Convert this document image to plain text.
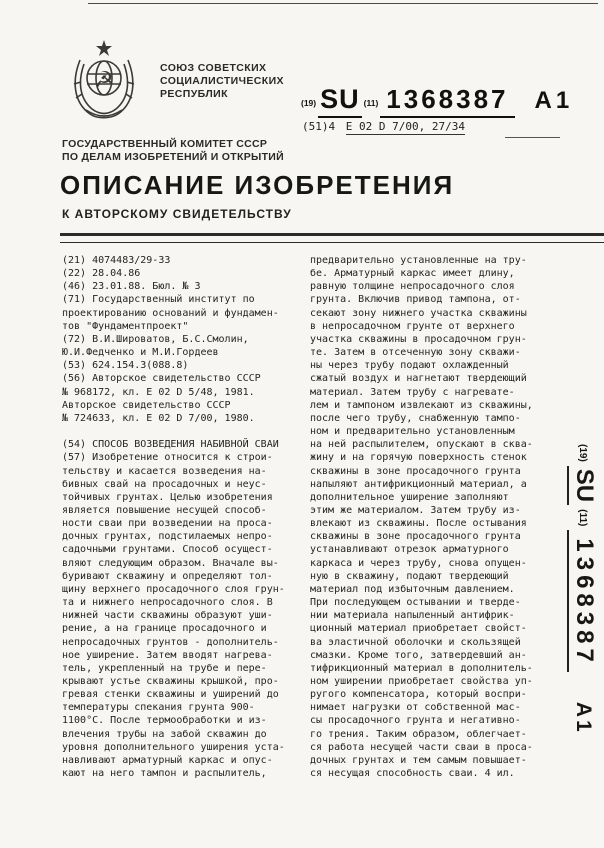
☭	СОЮЗ СОВЕТСКИХ
СОЦИАЛИСТИЧЕСКИХ
РЕСПУБЛИК
(19) SU (11) 1368387 A1
(51)4 E 02 D 7/00, 27/34
ГОСУДАРСТВЕННЫЙ КОМИТЕТ СССР
ПО ДЕЛАМ ИЗОБРЕТЕНИЙ И ОТКРЫТИЙ
ОПИСАНИЕ ИЗОБРЕТЕНИЯ
К АВТОРСКОМУ СВИДЕТЕЛЬСТВУ
(21) 4074483/29-33
(22) 28.04.86
(46) 23.01.88. Бюл. № 3
(71) Государственный институт по
проектированию оснований и фундамен-
тов "Фундаментпроект"
(72) В.И.Широватов, Б.С.Смолин,
Ю.И.Федченко и М.И.Гордеев
(53) 624.154.3(088.8)
(56) Авторское свидетельство СССР
№ 968172, кл. Е 02 D 5/48, 1981.
Авторское свидетельство СССР
№ 724633, кл. Е 02 D 7/00, 1980.

(54) СПОСОБ ВОЗВЕДЕНИЯ НАБИВНОЙ СВАИ
(57) Изобретение относится к строи-
тельству и касается возведения на-
бивных свай на просадочных и неус-
тойчивых грунтах. Целью изобретения
является повышение несущей способ-
ности сваи при возведении на проса-
дочных грунтах, подстилаемых непро-
садочными грунтами. Способ осущест-
вляют следующим образом. Вначале вы-
буривают скважину и определяют тол-
щину верхнего просадочного слоя грун-
та и нижнего непросадочного слоя. В
нижней части скважины образуют уши-
рение, а на границе просадочного и
непросадочных грунтов - дополнитель-
ное уширение. Затем вводят нагрева-
тель, укрепленный на трубе и пере-
крывают устье скважины крышкой, про-
гревая стенки скважины и уширений до
температуры спекания грунта 900-
1100°С. После термообработки и из-
влечения трубы на забой скважин до
уровня дополнительного уширения уста-
навливают арматурный каркас и опус-
кают на него тампон и распылитель,
предварительно установленные на тру-
бе. Арматурный каркас имеет длину,
равную толщине непросадочного слоя
грунта. Включив привод тампона, от-
секают зону нижнего участка скважины
в непросадочном грунте от верхнего
участка скважины в просадочном грун-
те. Затем в отсеченную зону скважи-
ны через трубу подают охлажденный
сжатый воздух и нагнетают твердеющий
материал. Затем трубу с нагревате-
лем и тампоном извлекают из скважины,
после чего трубу, снабженную тампо-
ном и предварительно установленным
на ней распылителем, опускают в сква-
жину и на горячую поверхность стенок
скважины в зоне просадочного грунта
напыляют антифрикционный материал, а
дополнительное уширение заполняют
этим же материалом. Затем трубу из-
влекают из скважины. После остывания
скважины в зоне просадочного грунта
устанавливают отрезок арматурного
каркаса и через трубу, снова опущен-
ную в скважину, подают твердеющий
материал под избыточным давлением.
При последующем остывании и тверде-
нии материала напыленный антифрик-
ционный материал приобретает свойст-
ва эластичной оболочки и скользящей
смазки. Кроме того, затвердевший ан-
тифрикционный материал в дополнитель-
ном уширении приобретает свойства уп-
ругого компенсатора, который воспри-
нимает нагрузки от собственной мас-
сы просадочного грунта и негативно-
го трения. Таким образом, облегчает-
ся работа несущей части сваи в проса-
дочных грунтах и тем самым повышает-
ся несущая способность сваи. 4 ил.
(19)
SU
(11)
1368387
A1
